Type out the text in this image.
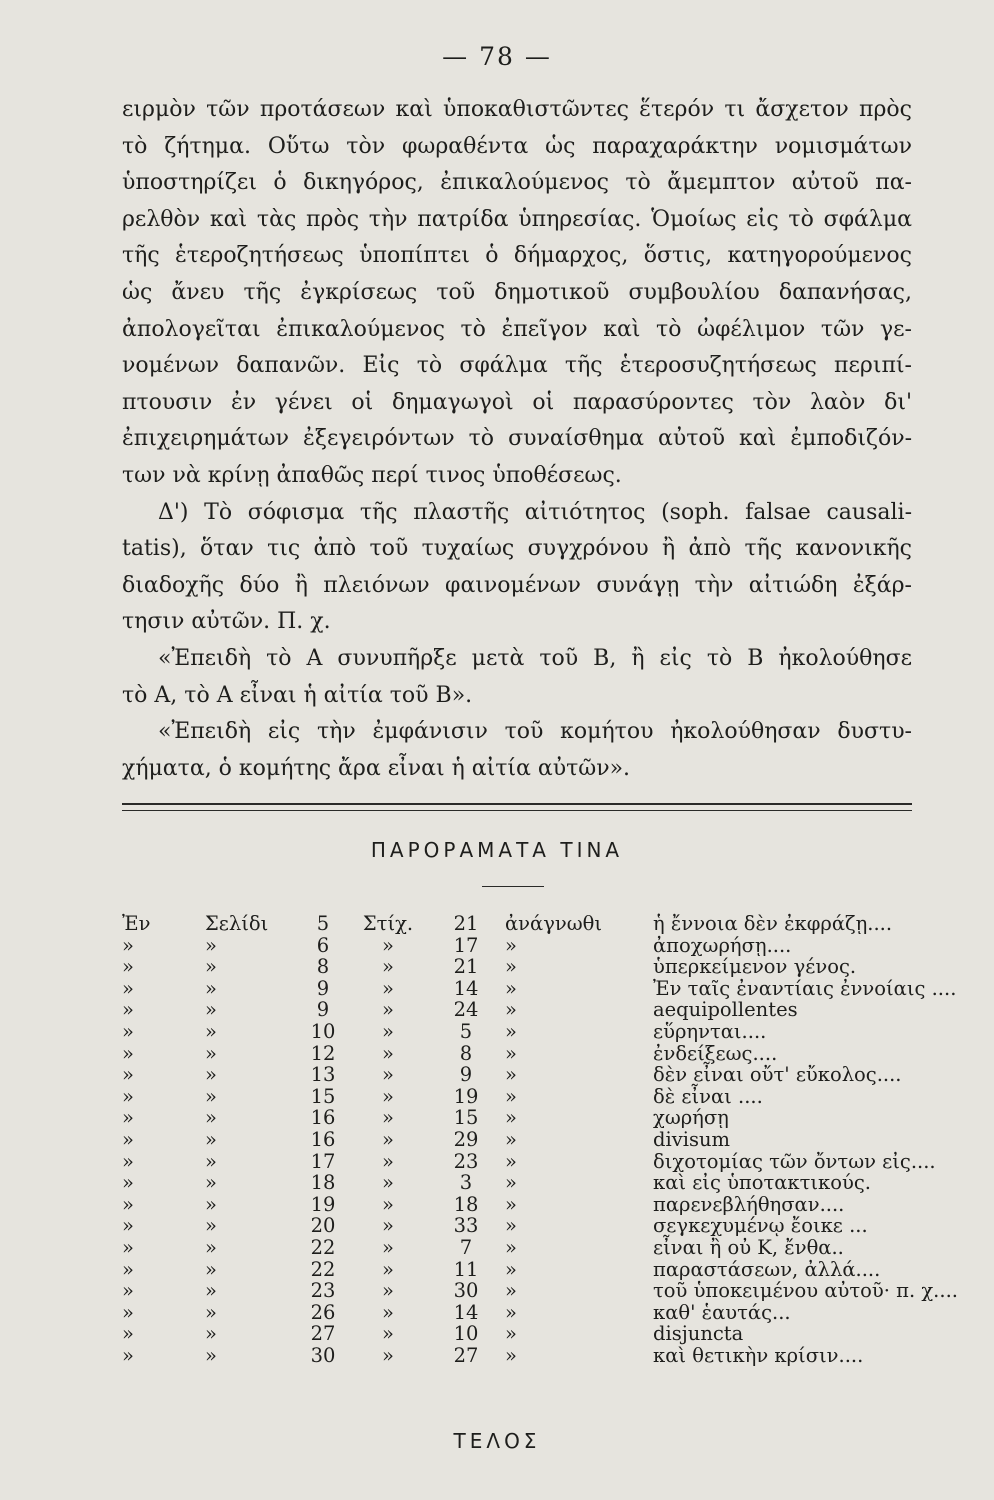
— 78 —
ειρμὸν τῶν προτάσεων καὶ ὑποκαθιστῶντες ἕτερόν τι ἄσχετον πρὸς
τὸ ζήτημα. Οὕτω τὸν φωραθέντα ὡς παραχαράκτην νομισμάτων
ὑποστηρίζει ὁ δικηγόρος, ἐπικαλούμενος τὸ ἄμεμπτον αὐτοῦ πα-
ρελθὸν καὶ τὰς πρὸς τὴν πατρίδα ὑπηρεσίας. Ὁμοίως εἰς τὸ σφάλμα
τῆς ἑτεροζητήσεως ὑποπίπτει ὁ δήμαρχος, ὅστις, κατηγορούμενος
ὡς ἄνευ τῆς ἐγκρίσεως τοῦ δημοτικοῦ συμβουλίου δαπανήσας,
ἀπολογεῖται ἐπικαλούμενος τὸ ἐπεῖγον καὶ τὸ ὠφέλιμον τῶν γε-
νομένων δαπανῶν. Εἰς τὸ σφάλμα τῆς ἑτεροσυζητήσεως περιπί-
πτουσιν ἐν γένει οἱ δημαγωγοὶ οἱ παρασύροντες τὸν λαὸν δι'
ἐπιχειρημάτων ἐξεγειρόντων τὸ συναίσθημα αὐτοῦ καὶ ἐμποδιζόν-
των νὰ κρίνῃ ἀπαθῶς περί τινος ὑποθέσεως.
Δ') Τὸ σόφισμα τῆς πλαστῆς αἰτιότητος (soph. falsae causali-
tatis), ὅταν τις ἀπὸ τοῦ τυχαίως συγχρόνου ἢ ἀπὸ τῆς κανονικῆς
διαδοχῆς δύο ἢ πλειόνων φαινομένων συνάγῃ τὴν αἰτιώδη ἐξάρ-
τησιν αὐτῶν. Π. χ.
«Ἐπειδὴ τὸ Α συνυπῆρξε μετὰ τοῦ Β, ἢ εἰς τὸ Β ἠκολούθησε
τὸ Α, τὸ Α εἶναι ἡ αἰτία τοῦ Β».
«Ἐπειδὴ εἰς τὴν ἐμφάνισιν τοῦ κομήτου ἠκολούθησαν δυστυ-
χήματα, ὁ κομήτης ἄρα εἶναι ἡ αἰτία αὐτῶν».
ΠΑΡΟΡΑΜΑΤΑ ΤΙΝΑ
Ἐν	Σελίδι	5	Στίχ.	21	ἀνάγνωθι	ἡ ἔννοια δὲν ἐκφράζῃ....
»	»	6	»	17	»	ἀποχωρήσῃ....
»	»	8	»	21	»	ὑπερκείμενον γένος.
»	»	9	»	14	»	Ἐν ταῖς ἐναντίαις ἐννοίαις ....
»	»	9	»	24	»	aequipollentes
»	»	10	»	5	»	εὕρηνται....
»	»	12	»	8	»	ἐνδείξεως....
»	»	13	»	9	»	δὲν εἶναι οὔτ' εὔκολος....
»	»	15	»	19	»	δὲ εἶναι ....
»	»	16	»	15	»	χωρήσῃ
»	»	16	»	29	»	divisum
»	»	17	»	23	»	διχοτομίας τῶν ὄντων εἰς....
»	»	18	»	3	»	καὶ εἰς ὑποτακτικούς.
»	»	19	»	18	»	παρενεβλήθησαν....
»	»	20	»	33	»	σεγκεχυμένῳ ἔοικε ...
»	»	22	»	7	»	εἶναι ἢ οὐ Κ, ἔνθα..
»	»	22	»	11	»	παραστάσεων, ἀλλά....
»	»	23	»	30	»	τοῦ ὑποκειμένου αὐτοῦ· π. χ....
»	»	26	»	14	»	καθ' ἑαυτάς...
»	»	27	»	10	»	disjuncta
»	»	30	»	27	»	καὶ θετικὴν κρίσιν....
ΤΕΛΟΣ
